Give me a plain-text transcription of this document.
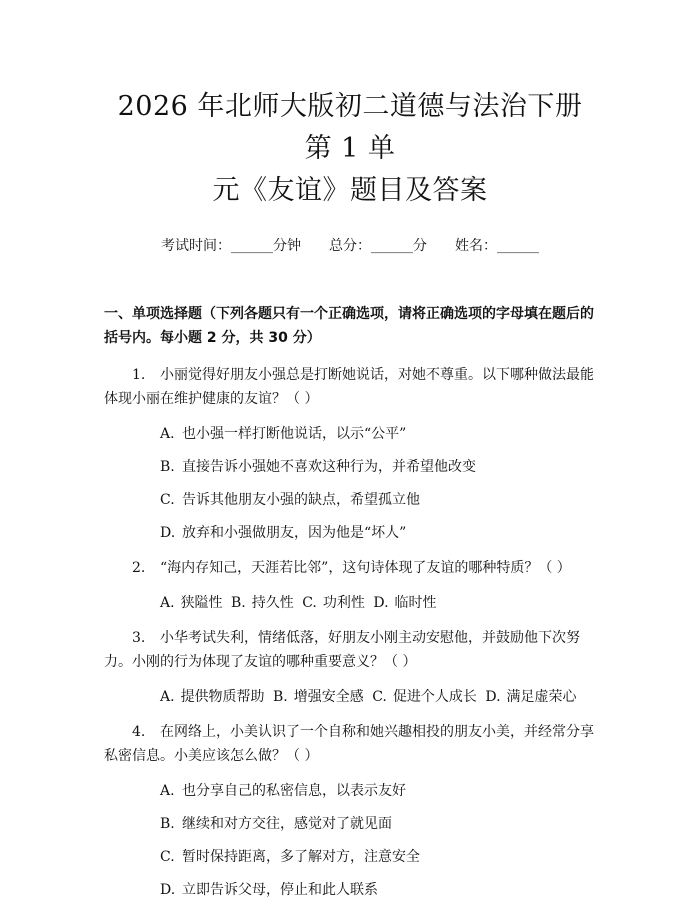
2026 年北师大版初二道德与法治下册第 1 单
元《友谊》题目及答案
考试时间：______分钟 总分：______分 姓名：______
一、单项选择题（下列各题只有一个正确选项，请将正确选项的字母填在题后的括号内。每小题 2 分，共 30 分）
1. 小丽觉得好朋友小强总是打断她说话，对她不尊重。以下哪种做法最能体现小丽在维护健康的友谊？（ ）
A. 也小强一样打断他说话，以示“公平”
B. 直接告诉小强她不喜欢这种行为，并希望他改变
C. 告诉其他朋友小强的缺点，希望孤立他
D. 放弃和小强做朋友，因为他是“坏人”
2. “海内存知己，天涯若比邻”，这句诗体现了友谊的哪种特质？（ ）
A. 狭隘性 B. 持久性 C. 功利性 D. 临时性
3. 小华考试失利，情绪低落，好朋友小刚主动安慰他，并鼓励他下次努力。小刚的行为体现了友谊的哪种重要意义？（ ）
A. 提供物质帮助 B. 增强安全感 C. 促进个人成长 D. 满足虚荣心
4. 在网络上，小美认识了一个自称和她兴趣相投的朋友小美，并经常分享私密信息。小美应该怎么做？（ ）
A. 也分享自己的私密信息，以表示友好
B. 继续和对方交往，感觉对了就见面
C. 暂时保持距离，多了解对方，注意安全
D. 立即告诉父母，停止和此人联系
